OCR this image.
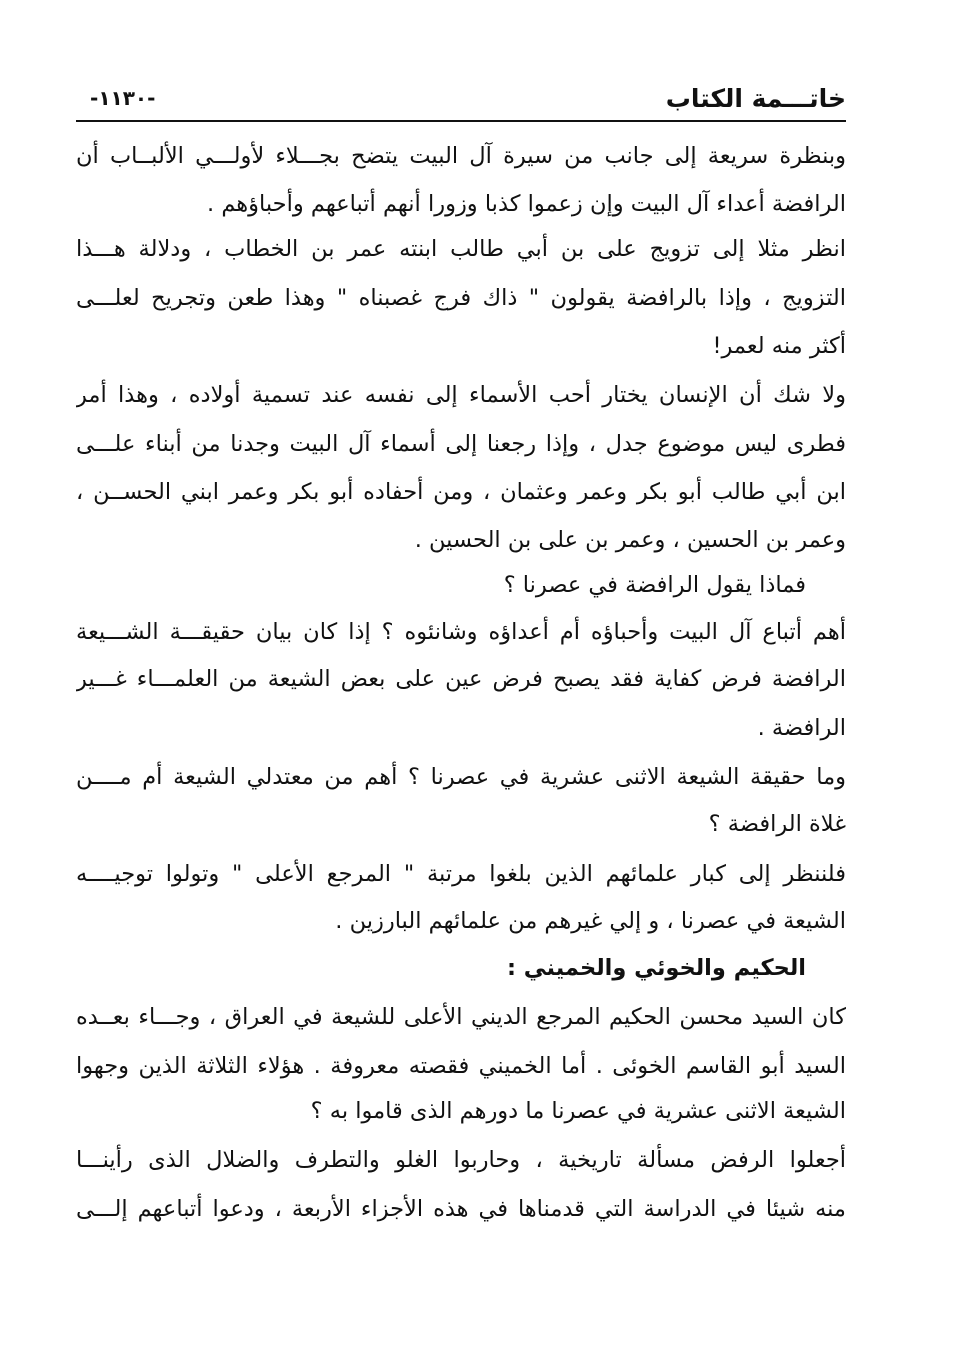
خاتـــمة الكتاب
-١١٣٠-
وبنظرة سريعة إلى جانب من سيرة آل البيت يتضح بجـــلاء لأولـــي الألبــاب أن
الرافضة أعداء آل البيت وإن زعموا كذبا وزورا أنهم أتباعهم وأحباؤهم .
انظر مثلا إلى تزويج على بن أبي طالب ابنته عمر بن الخطاب ، ودلالة هـــذا
التزويج ، وإذا بالرافضة يقولون " ذاك فرج غصبناه " وهذا طعن وتجريح لعلـــى
أكثر منه لعمر!
ولا شك أن الإنسان يختار أحب الأسماء إلى نفسه عند تسمية أولاده ، وهذا أمر
فطرى ليس موضوع جدل ، وإذا رجعنا إلى أسماء آل البيت وجدنا من أبناء علـــى
ابن أبي طالب أبو بكر وعمر وعثمان ، ومن أحفاده أبو بكر وعمر ابني الحســن ،
وعمر بن الحسين ، وعمر بن على بن الحسين .
فماذا يقول الرافضة في عصرنا ؟
أهم أتباع آل البيت وأحباؤه أم أعداؤه وشانئوه ؟ إذا كان بيان حقيقـــة الشـــيعة
الرافضة فرض كفاية فقد يصبح فرض عين على بعض الشيعة من العلمـــاء غـــير
الرافضة .
وما حقيقة الشيعة الاثنى عشرية في عصرنا ؟ أهم من معتدلي الشيعة أم مــــن
غلاة الرافضة ؟
فلننظر إلى كبار علمائهم الذين بلغوا مرتبة " المرجع الأعلى " وتولوا توجيــــه
الشيعة في عصرنا ، و إلي غيرهم من علمائهم البارزين .
الحكيم والخوئي والخميني :
كان السيد محسن الحكيم المرجع الديني الأعلى للشيعة في العراق ، وجـــاء بعــده
السيد أبو القاسم الخوئى . أما الخميني فقصته معروفة . هؤلاء الثلاثة الذين وجهوا
الشيعة الاثنى عشرية في عصرنا ما دورهم الذى قاموا به ؟
أجعلوا الرفض مسألة تاريخية ، وحاربوا الغلو والتطرف والضلال الذى رأينـــا
منه شيئا في الدراسة التي قدمناها في هذه الأجزاء الأربعة ، ودعوا أتباعهم إلـــى
